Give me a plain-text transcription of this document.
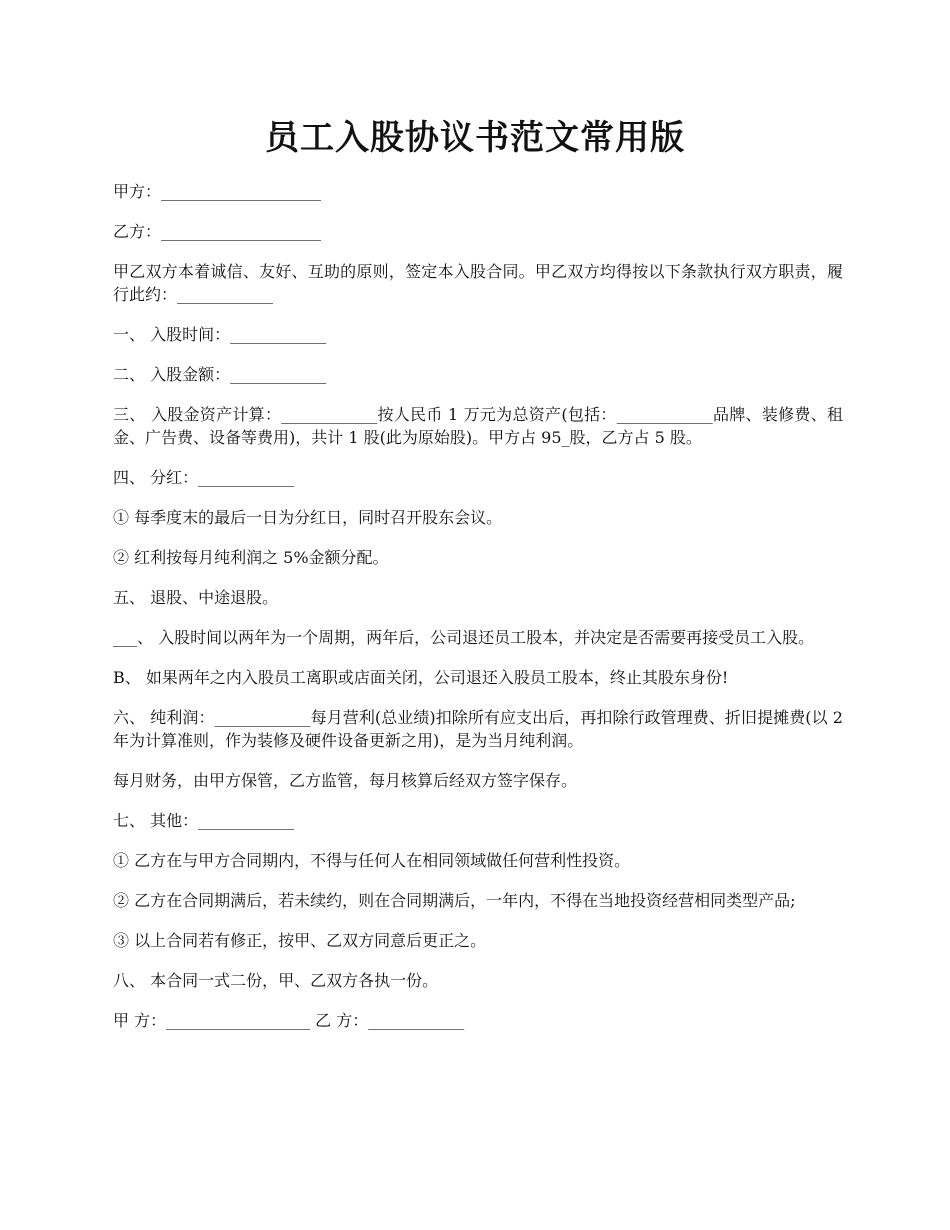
员工入股协议书范文常用版

甲方：____________________

乙方：____________________

甲乙双方本着诚信、友好、互助的原则，签定本入股合同。甲乙双方均得按以下条款执行双方职责，履行此约：____________

一、 入股时间：____________

二、 入股金额：____________

三、 入股金资产计算：____________按人民币 1 万元为总资产(包括：____________品牌、装修费、租金、广告费、设备等费用)，共计 1 股(此为原始股)。甲方占 95_股，乙方占 5 股。

四、 分红：____________

① 每季度末的最后一日为分红日，同时召开股东会议。

② 红利按每月纯利润之 5%金额分配。

五、 退股、中途退股。

___、 入股时间以两年为一个周期，两年后，公司退还员工股本，并决定是否需要再接受员工入股。

B、 如果两年之内入股员工离职或店面关闭，公司退还入股员工股本，终止其股东身份!

六、 纯利润：____________每月营利(总业绩)扣除所有应支出后，再扣除行政管理费、折旧提摊费(以 2 年为计算准则，作为装修及硬件设备更新之用)，是为当月纯利润。

每月财务，由甲方保管，乙方监管，每月核算后经双方签字保存。

七、 其他：____________

① 乙方在与甲方合同期内，不得与任何人在相同领域做任何营利性投资。

② 乙方在合同期满后，若未续约，则在合同期满后，一年内，不得在当地投资经营相同类型产品;

③ 以上合同若有修正，按甲、乙双方同意后更正之。

八、 本合同一式二份，甲、乙双方各执一份。

甲 方：__________________ 乙 方：____________
